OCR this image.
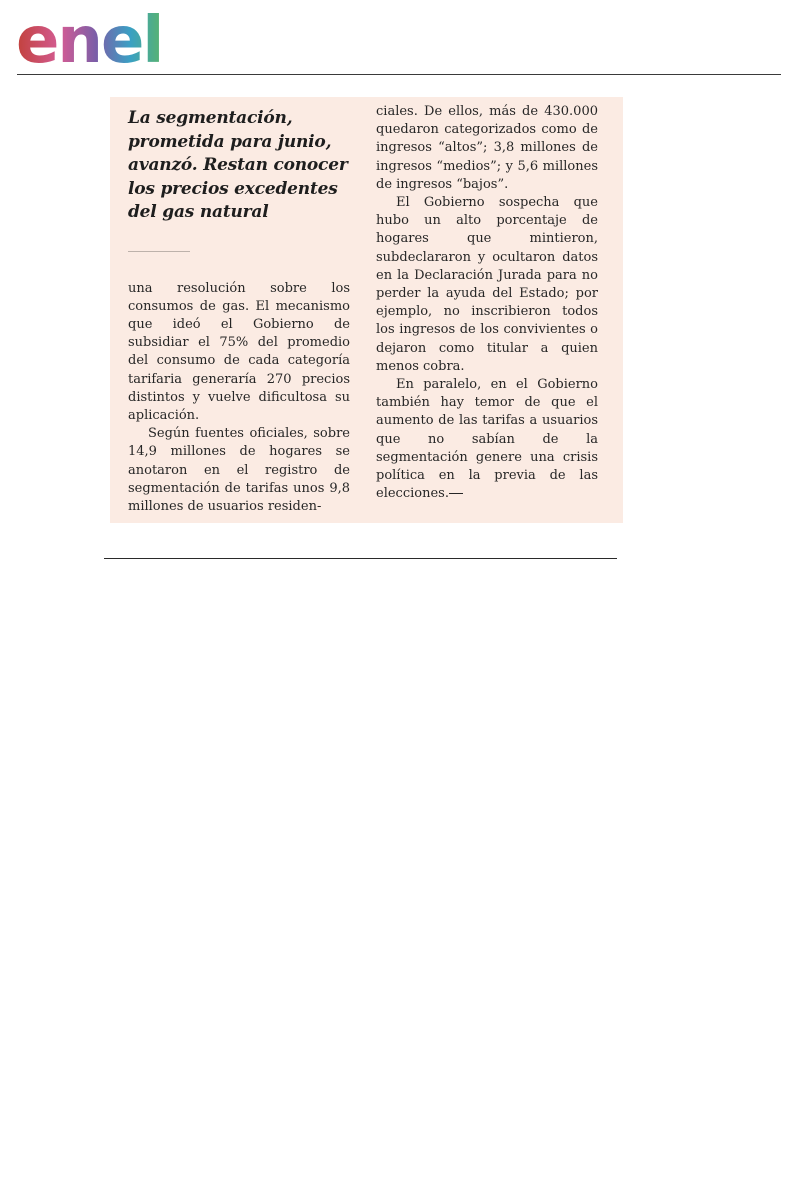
enel
La segmentación, prometida para junio, avanzó. Restan conocer los precios excedentes del gas natural

una resolución sobre los consumos de gas. El mecanismo que ideó el Gobierno de subsidiar el 75% del promedio del consumo de cada categoría tarifaria generaría 270 precios distintos y vuelve dificultosa su aplicación.

Según fuentes oficiales, sobre 14,9 millones de hogares se anotaron en el registro de segmentación de tarifas unos 9,8 millones de usuarios residen-

ciales. De ellos, más de 430.000 quedaron categorizados como de ingresos “altos”; 3,8 millones de ingresos “medios”; y 5,6 millones de ingresos “bajos”.

El Gobierno sospecha que hubo un alto porcentaje de hogares que mintieron, subdeclararon y ocultaron datos en la Declaración Jurada para no perder la ayuda del Estado; por ejemplo, no inscribieron todos los ingresos de los convivientes o dejaron como titular a quien menos cobra.

En paralelo, en el Gobierno también hay temor de que el aumento de las tarifas a usuarios que no sabían de la segmentación genere una crisis política en la previa de las elecciones.
